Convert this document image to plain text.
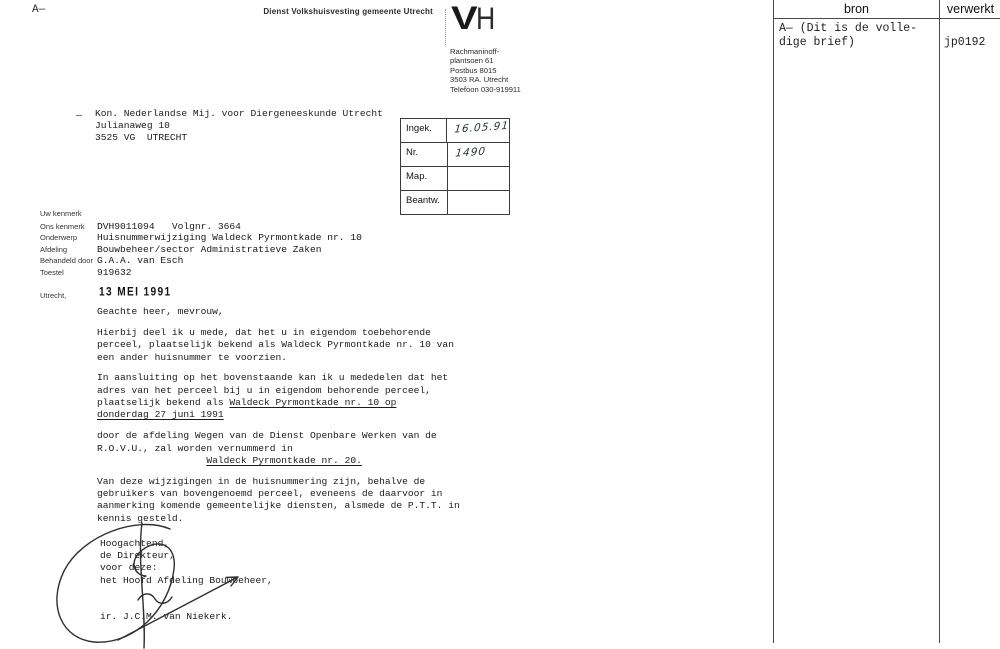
A—	Dienst Volkshuisvesting gemeente Utrecht V
H
Rachmaninoff-
plantsoen 61
Postbus 8015
3503 RA. Utrecht
Telefoon 030-919911
— Kon. Nederlandse Mij. voor Diergeneeskunde Utrecht
Julianaweg 10
3525 VG  UTRECHT
Ingek.	16.05.91
Nr.	1490
Map.
Beantw.
Uw kenmerk
Ons kenmerk	DVH9011094   Volgnr. 3664
Onderwerp	Huisnummerwijziging Waldeck Pyrmontkade nr. 10
Afdeling	Bouwbeheer/sector Administratieve Zaken
Behandeld door G.A.A. van Esch
Toestel	919632
Utrecht,	13 MEI 1991
Geachte heer, mevrouw,
Hierbij deel ik u mede, dat het u in eigendom toebehorende
perceel, plaatselijk bekend als Waldeck Pyrmontkade nr. 10 van
een ander huisnummer te voorzien.
In aansluiting op het bovenstaande kan ik u mededelen dat het
adres van het perceel bij u in eigendom behorende perceel,
plaatselijk bekend als Waldeck Pyrmontkade nr. 10 op
donderdag 27 juni 1991
door de afdeling Wegen van de Dienst Openbare Werken van de
R.O.V.U., zal worden vernummerd in
Waldeck Pyrmontkade nr. 20.
Van deze wijzigingen in de huisnummering zijn, behalve de
gebruikers van bovengenoemd perceel, eveneens de daarvoor in
aanmerking komende gemeentelijke diensten, alsmede de P.T.T. in
kennis gesteld.
Hoogachtend,
de Direkteur,
voor deze:
het Hoofd Afdeling Bouwbeheer,
ir. J.C.M. van Niekerk.
bron	verwerkt
A— (Dit is de volle-
dige brief)	jp0192
